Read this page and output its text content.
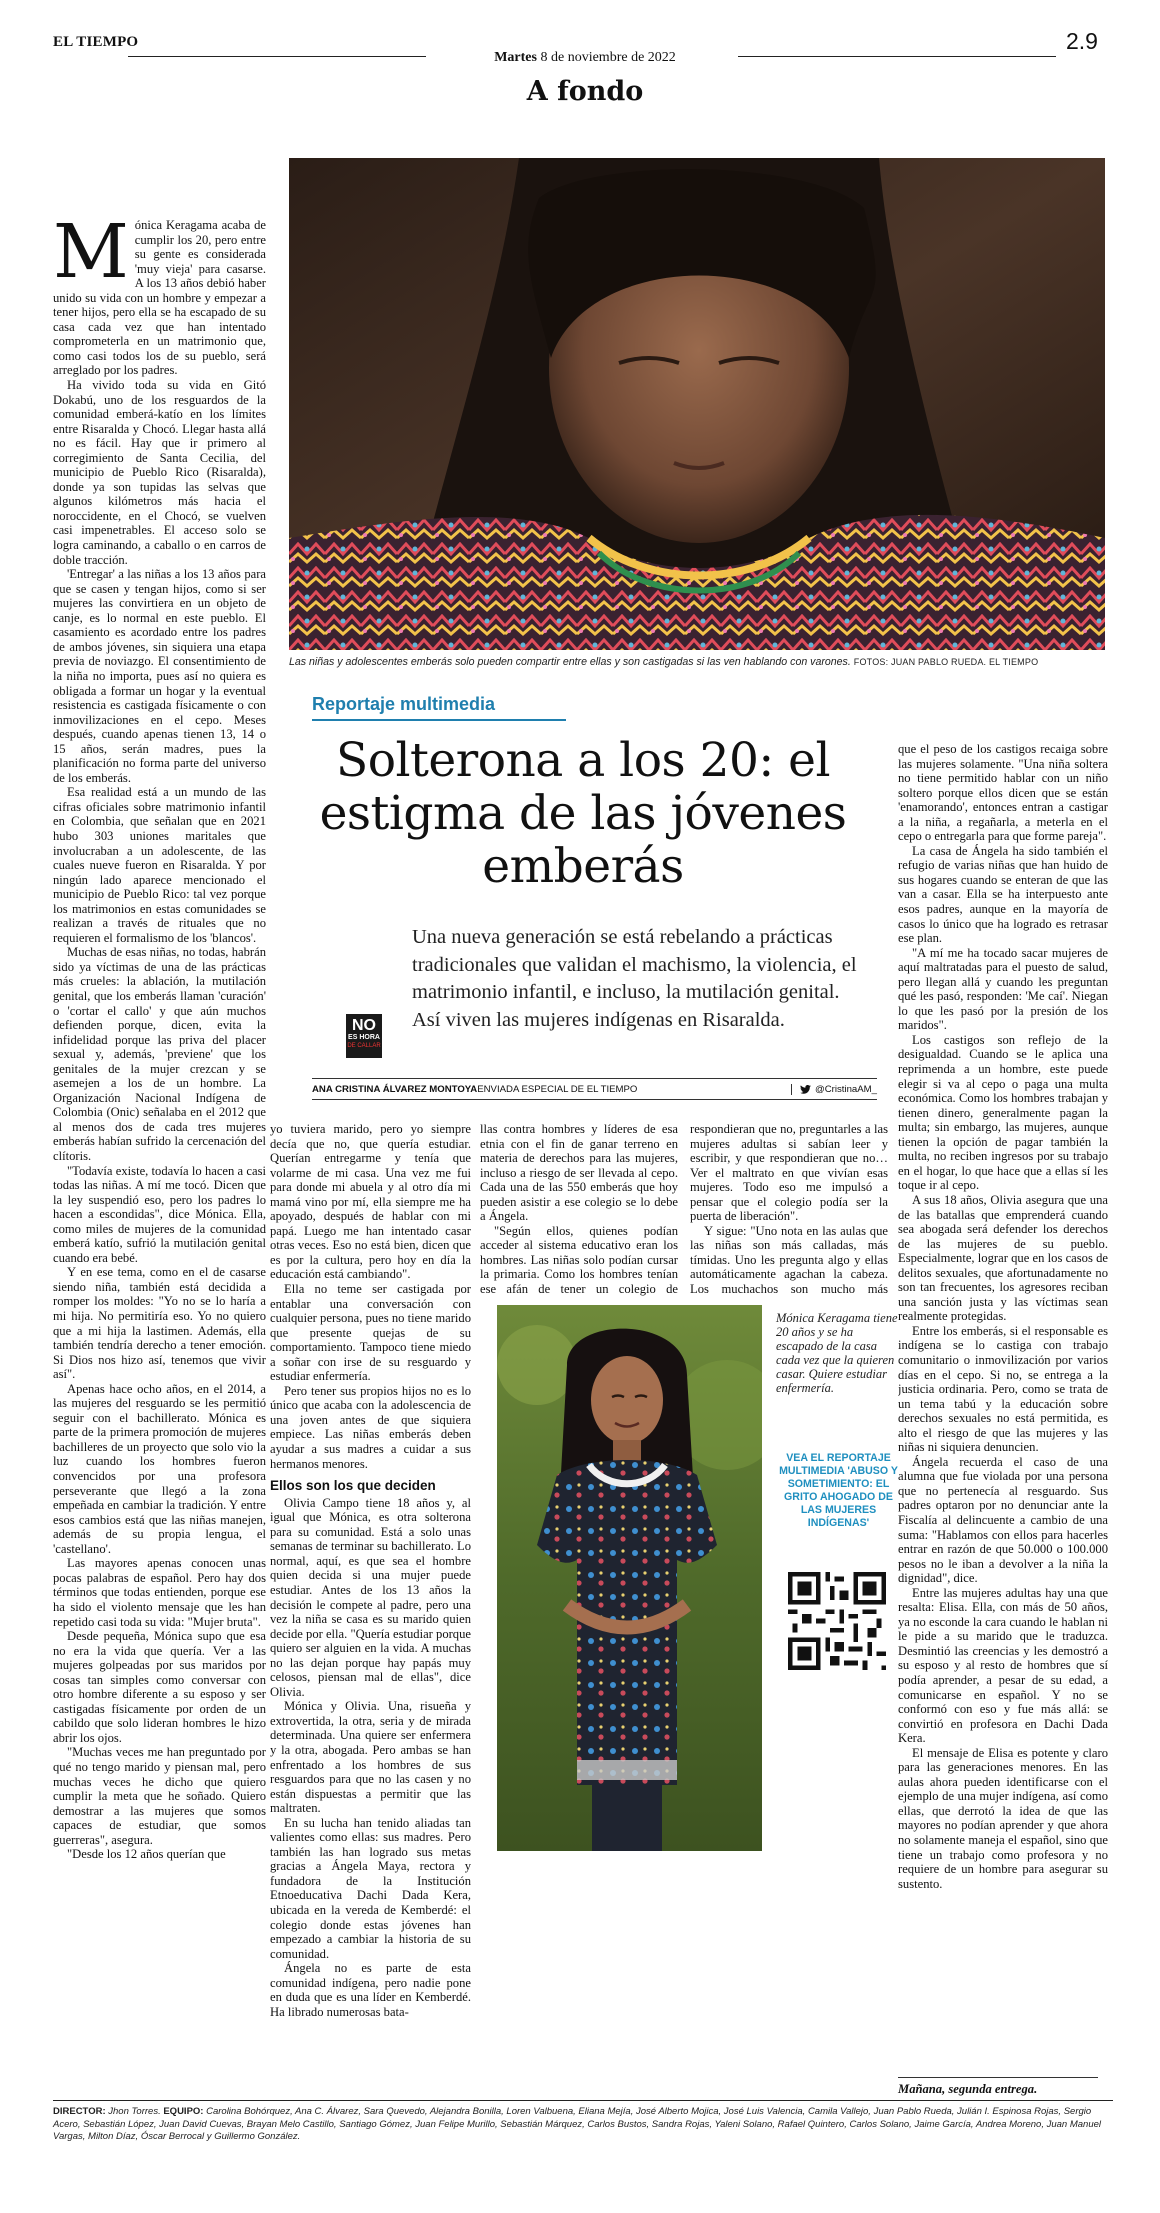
EL TIEMPO
Martes 8 de noviembre de 2022
2.9
A fondo
M ónica Keragama acaba de cumplir los 20, pero entre su gente es considerada 'muy vieja' para casarse. A los 13 años debió haber unido su vida con un hombre y empezar a tener hijos, pero ella se ha escapado de su casa cada vez que han intentado comprometerla en un matrimonio que, como casi todos los de su pueblo, será arreglado por los padres.

Ha vivido toda su vida en Gitó Dokabú, uno de los resguardos de la comunidad emberá-katío en los límites entre Risaralda y Chocó. Llegar hasta allá no es fácil. Hay que ir primero al corregimiento de Santa Cecilia, del municipio de Pueblo Rico (Risaralda), donde ya son tupidas las selvas que algunos kilómetros más hacia el noroccidente, en el Chocó, se vuelven casi impenetrables. El acceso solo se logra caminando, a caballo o en carros de doble tracción.

'Entregar' a las niñas a los 13 años para que se casen y tengan hijos, como si ser mujeres las convirtiera en un objeto de canje, es lo normal en este pueblo. El casamiento es acordado entre los padres de ambos jóvenes, sin siquiera una etapa previa de noviazgo. El consentimiento de la niña no importa, pues así no quiera es obligada a formar un hogar y la eventual resistencia es castigada físicamente o con inmovilizaciones en el cepo. Meses después, cuando apenas tienen 13, 14 o 15 años, serán madres, pues la planificación no forma parte del universo de los emberás.

Esa realidad está a un mundo de las cifras oficiales sobre matrimonio infantil en Colombia, que señalan que en 2021 hubo 303 uniones maritales que involucraban a un adolescente, de las cuales nueve fueron en Risaralda. Y por ningún lado aparece mencionado el municipio de Pueblo Rico: tal vez porque los matrimonios en estas comunidades se realizan a través de rituales que no requieren el formalismo de los 'blancos'.

Muchas de esas niñas, no todas, habrán sido ya víctimas de una de las prácticas más crueles: la ablación, la mutilación genital, que los emberás llaman 'curación' o 'cortar el callo' y que aún muchos defienden porque, dicen, evita la infidelidad porque las priva del placer sexual y, además, 'previene' que los genitales de la mujer crezcan y se asemejen a los de un hombre. La Organización Nacional Indígena de Colombia (Onic) señalaba en el 2012 que al menos dos de cada tres mujeres emberás habían sufrido la cercenación del clítoris.

"Todavía existe, todavía lo hacen a casi todas las niñas. A mí me tocó. Dicen que la ley suspendió eso, pero los padres lo hacen a escondidas", dice Mónica. Ella, como miles de mujeres de la comunidad emberá katío, sufrió la mutilación genital cuando era bebé.

Y en ese tema, como en el de casarse siendo niña, también está decidida a romper los moldes: "Yo no se lo haría a mi hija. No permitiría eso. Yo no quiero que a mi hija la lastimen. Además, ella también tendría derecho a tener emoción. Si Dios nos hizo así, tenemos que vivir así".

Apenas hace ocho años, en el 2014, a las mujeres del resguardo se les permitió seguir con el bachillerato. Mónica es parte de la primera promoción de mujeres bachilleres de un proyecto que solo vio la luz cuando los hombres fueron convencidos por una profesora perseverante que llegó a la zona empeñada en cambiar la tradición. Y entre esos cambios está que las niñas manejen, además de su propia lengua, el 'castellano'.

Las mayores apenas conocen unas pocas palabras de español. Pero hay dos términos que todas entienden, porque ese ha sido el violento mensaje que les han repetido casi toda su vida: "Mujer bruta".

Desde pequeña, Mónica supo que esa no era la vida que quería. Ver a las mujeres golpeadas por sus maridos por cosas tan simples como conversar con otro hombre diferente a su esposo y ser castigadas físicamente por orden de un cabildo que solo lideran hombres le hizo abrir los ojos.

"Muchas veces me han preguntado por qué no tengo marido y piensan mal, pero muchas veces he dicho que quiero cumplir la meta que he soñado. Quiero demostrar a las mujeres que somos capaces de estudiar, que somos guerreras", asegura.

"Desde los 12 años querían que

Las niñas y adolescentes emberás solo pueden compartir entre ellas y son castigadas si las ven hablando con varones. FOTOS: JUAN PABLO RUEDA. EL TIEMPO
Reportaje multimedia
Solterona a los 20: el estigma de las jóvenes emberás
NO
ES HORA
DE CALLAR
Una nueva generación se está rebelando a prácticas tradicionales que validan el machismo, la violencia, el matrimonio infantil, e incluso, la mutilación genital. Así viven las mujeres indígenas en Risaralda.
ANA CRISTINA ÁLVAREZ MONTOYA ENVIADA ESPECIAL DE EL TIEMPO	@CristinaAM_

yo tuviera marido, pero yo siempre decía que no, que quería estudiar. Querían entregarme y tenía que volarme de mi casa. Una vez me fui para donde mi abuela y al otro día mi mamá vino por mí, ella siempre me ha apoyado, después de hablar con mi papá. Luego me han intentado casar otras veces. Eso no está bien, dicen que es por la cultura, pero hoy en día la educación está cambiando".

Ella no teme ser castigada por entablar una conversación con cualquier persona, pues no tiene marido que presente quejas de su comportamiento. Tampoco tiene miedo a soñar con irse de su resguardo y estudiar enfermería.

Pero tener sus propios hijos no es lo único que acaba con la adolescencia de una joven antes de que siquiera empiece. Las niñas emberás deben ayudar a sus madres a cuidar a sus hermanos menores.

Ellos son los que deciden

Olivia Campo tiene 18 años y, al igual que Mónica, es otra solterona para su comunidad. Está a solo unas semanas de terminar su bachillerato. Lo normal, aquí, es que sea el hombre quien decida si una mujer puede estudiar. Antes de los 13 años la decisión le compete al padre, pero una vez la niña se casa es su marido quien decide por ella. "Quería estudiar porque quiero ser alguien en la vida. A muchas no las dejan porque hay papás muy celosos, piensan mal de ellas", dice Olivia.

Mónica y Olivia. Una, risueña y extrovertida, la otra, seria y de mirada determinada. Una quiere ser enfermera y la otra, abogada. Pero ambas se han enfrentado a los hombres de sus resguardos para que no las casen y no están dispuestas a permitir que las maltraten.

En su lucha han tenido aliadas tan valientes como ellas: sus madres. Pero también las han logrado sus metas gracias a Ángela Maya, rectora y fundadora de la Institución Etnoeducativa Dachi Dada Kera, ubicada en la vereda de Kemberdé: el colegio donde estas jóvenes han empezado a cambiar la historia de su comunidad.

Ángela no es parte de esta comunidad indígena, pero nadie pone en duda que es una líder en Kemberdé. Ha librado numerosas bata-

llas contra hombres y líderes de esa etnia con el fin de ganar terreno en materia de derechos para las mujeres, incluso a riesgo de ser llevada al cepo. Cada una de las 550 emberás que hoy pueden asistir a ese colegio se lo debe a Ángela.

"Según ellos, quienes podían acceder al sistema educativo eran los hombres. Las niñas solo podían cursar la primaria. Como los hombres tenían ese afán de tener un colegio de

respondieran que no, preguntarles a las mujeres adultas si sabían leer y escribir, y que respondieran que no… Ver el maltrato en que vivían esas mujeres. Todo eso me impulsó a pensar que el colegio podía ser la puerta de liberación".

Y sigue: "Uno nota en las aulas que las niñas son más calladas, más tímidas. Uno les pregunta algo y ellas automáticamente agachan la cabeza. Los muchachos son mucho más

Mónica Keragama tiene 20 años y se ha escapado de la casa cada vez que la quieren casar. Quiere estudiar enfermería.
VEA EL REPORTAJE MULTIMEDIA 'ABUSO Y SOMETIMIENTO: EL GRITO AHOGADO DE LAS MUJERES INDÍGENAS'

que el peso de los castigos recaiga sobre las mujeres solamente. "Una niña soltera no tiene permitido hablar con un niño soltero porque ellos dicen que se están 'enamorando', entonces entran a castigar a la niña, a regañarla, a meterla en el cepo o entregarla para que forme pareja".

La casa de Ángela ha sido también el refugio de varias niñas que han huido de sus hogares cuando se enteran de que las van a casar. Ella se ha interpuesto ante esos padres, aunque en la mayoría de casos lo único que ha logrado es retrasar ese plan.

"A mí me ha tocado sacar mujeres de aquí maltratadas para el puesto de salud, pero llegan allá y cuando les preguntan qué les pasó, responden: 'Me caí'. Niegan lo que les pasó por la presión de los maridos".

Los castigos son reflejo de la desigualdad. Cuando se le aplica una reprimenda a un hombre, este puede elegir si va al cepo o paga una multa económica. Como los hombres trabajan y tienen dinero, generalmente pagan la multa; sin embargo, las mujeres, aunque tienen la opción de pagar también la multa, no reciben ingresos por su trabajo en el hogar, lo que hace que a ellas sí les toque ir al cepo.

A sus 18 años, Olivia asegura que una de las batallas que emprenderá cuando sea abogada será defender los derechos de las mujeres de su pueblo. Especialmente, lograr que en los casos de delitos sexuales, que afortunadamente no son tan frecuentes, los agresores reciban una sanción justa y las víctimas sean realmente protegidas.

Entre los emberás, si el responsable es indígena se lo castiga con trabajo comunitario o inmovilización por varios días en el cepo. Si no, se entrega a la justicia ordinaria. Pero, como se trata de un tema tabú y la educación sobre derechos sexuales no está permitida, es alto el riesgo de que las mujeres y las niñas ni siquiera denuncien.

Ángela recuerda el caso de una alumna que fue violada por una persona que no pertenecía al resguardo. Sus padres optaron por no denunciar ante la Fiscalía al delincuente a cambio de una suma: "Hablamos con ellos para hacerles entrar en razón de que 50.000 o 100.000 pesos no le iban a devolver a la niña la dignidad", dice.

Entre las mujeres adultas hay una que resalta: Elisa. Ella, con más de 50 años, ya no esconde la cara cuando le hablan ni le pide a su marido que le traduzca. Desmintió las creencias y les demostró a su esposo y al resto de hombres que sí podía aprender, a pesar de su edad, a comunicarse en español. Y no se conformó con eso y fue más allá: se convirtió en profesora en Dachi Dada Kera.

El mensaje de Elisa es potente y claro para las generaciones menores. En las aulas ahora pueden identificarse con el ejemplo de una mujer indígena, así como ellas, que derrotó la idea de que las mayores no podían aprender y que ahora no solamente maneja el español, sino que tiene un trabajo como profesora y no requiere de un hombre para asegurar su sustento.

Mañana, segunda entrega.
DIRECTOR: Jhon Torres. EQUIPO: Carolina Bohórquez, Ana C. Álvarez, Sara Quevedo, Alejandra Bonilla, Loren Valbuena, Eliana Mejía, José Alberto Mojica, José Luis Valencia, Camila Vallejo, Juan Pablo Rueda, Julián I. Espinosa Rojas, Sergio Acero, Sebastián López, Juan David Cuevas, Brayan Melo Castillo, Santiago Gómez, Juan Felipe Murillo, Sebastián Márquez, Carlos Bustos, Sandra Rojas, Yaleni Solano, Rafael Quintero, Carlos Solano, Jaime García, Andrea Moreno, Juan Manuel Vargas, Milton Díaz, Óscar Berrocal y Guillermo González.
